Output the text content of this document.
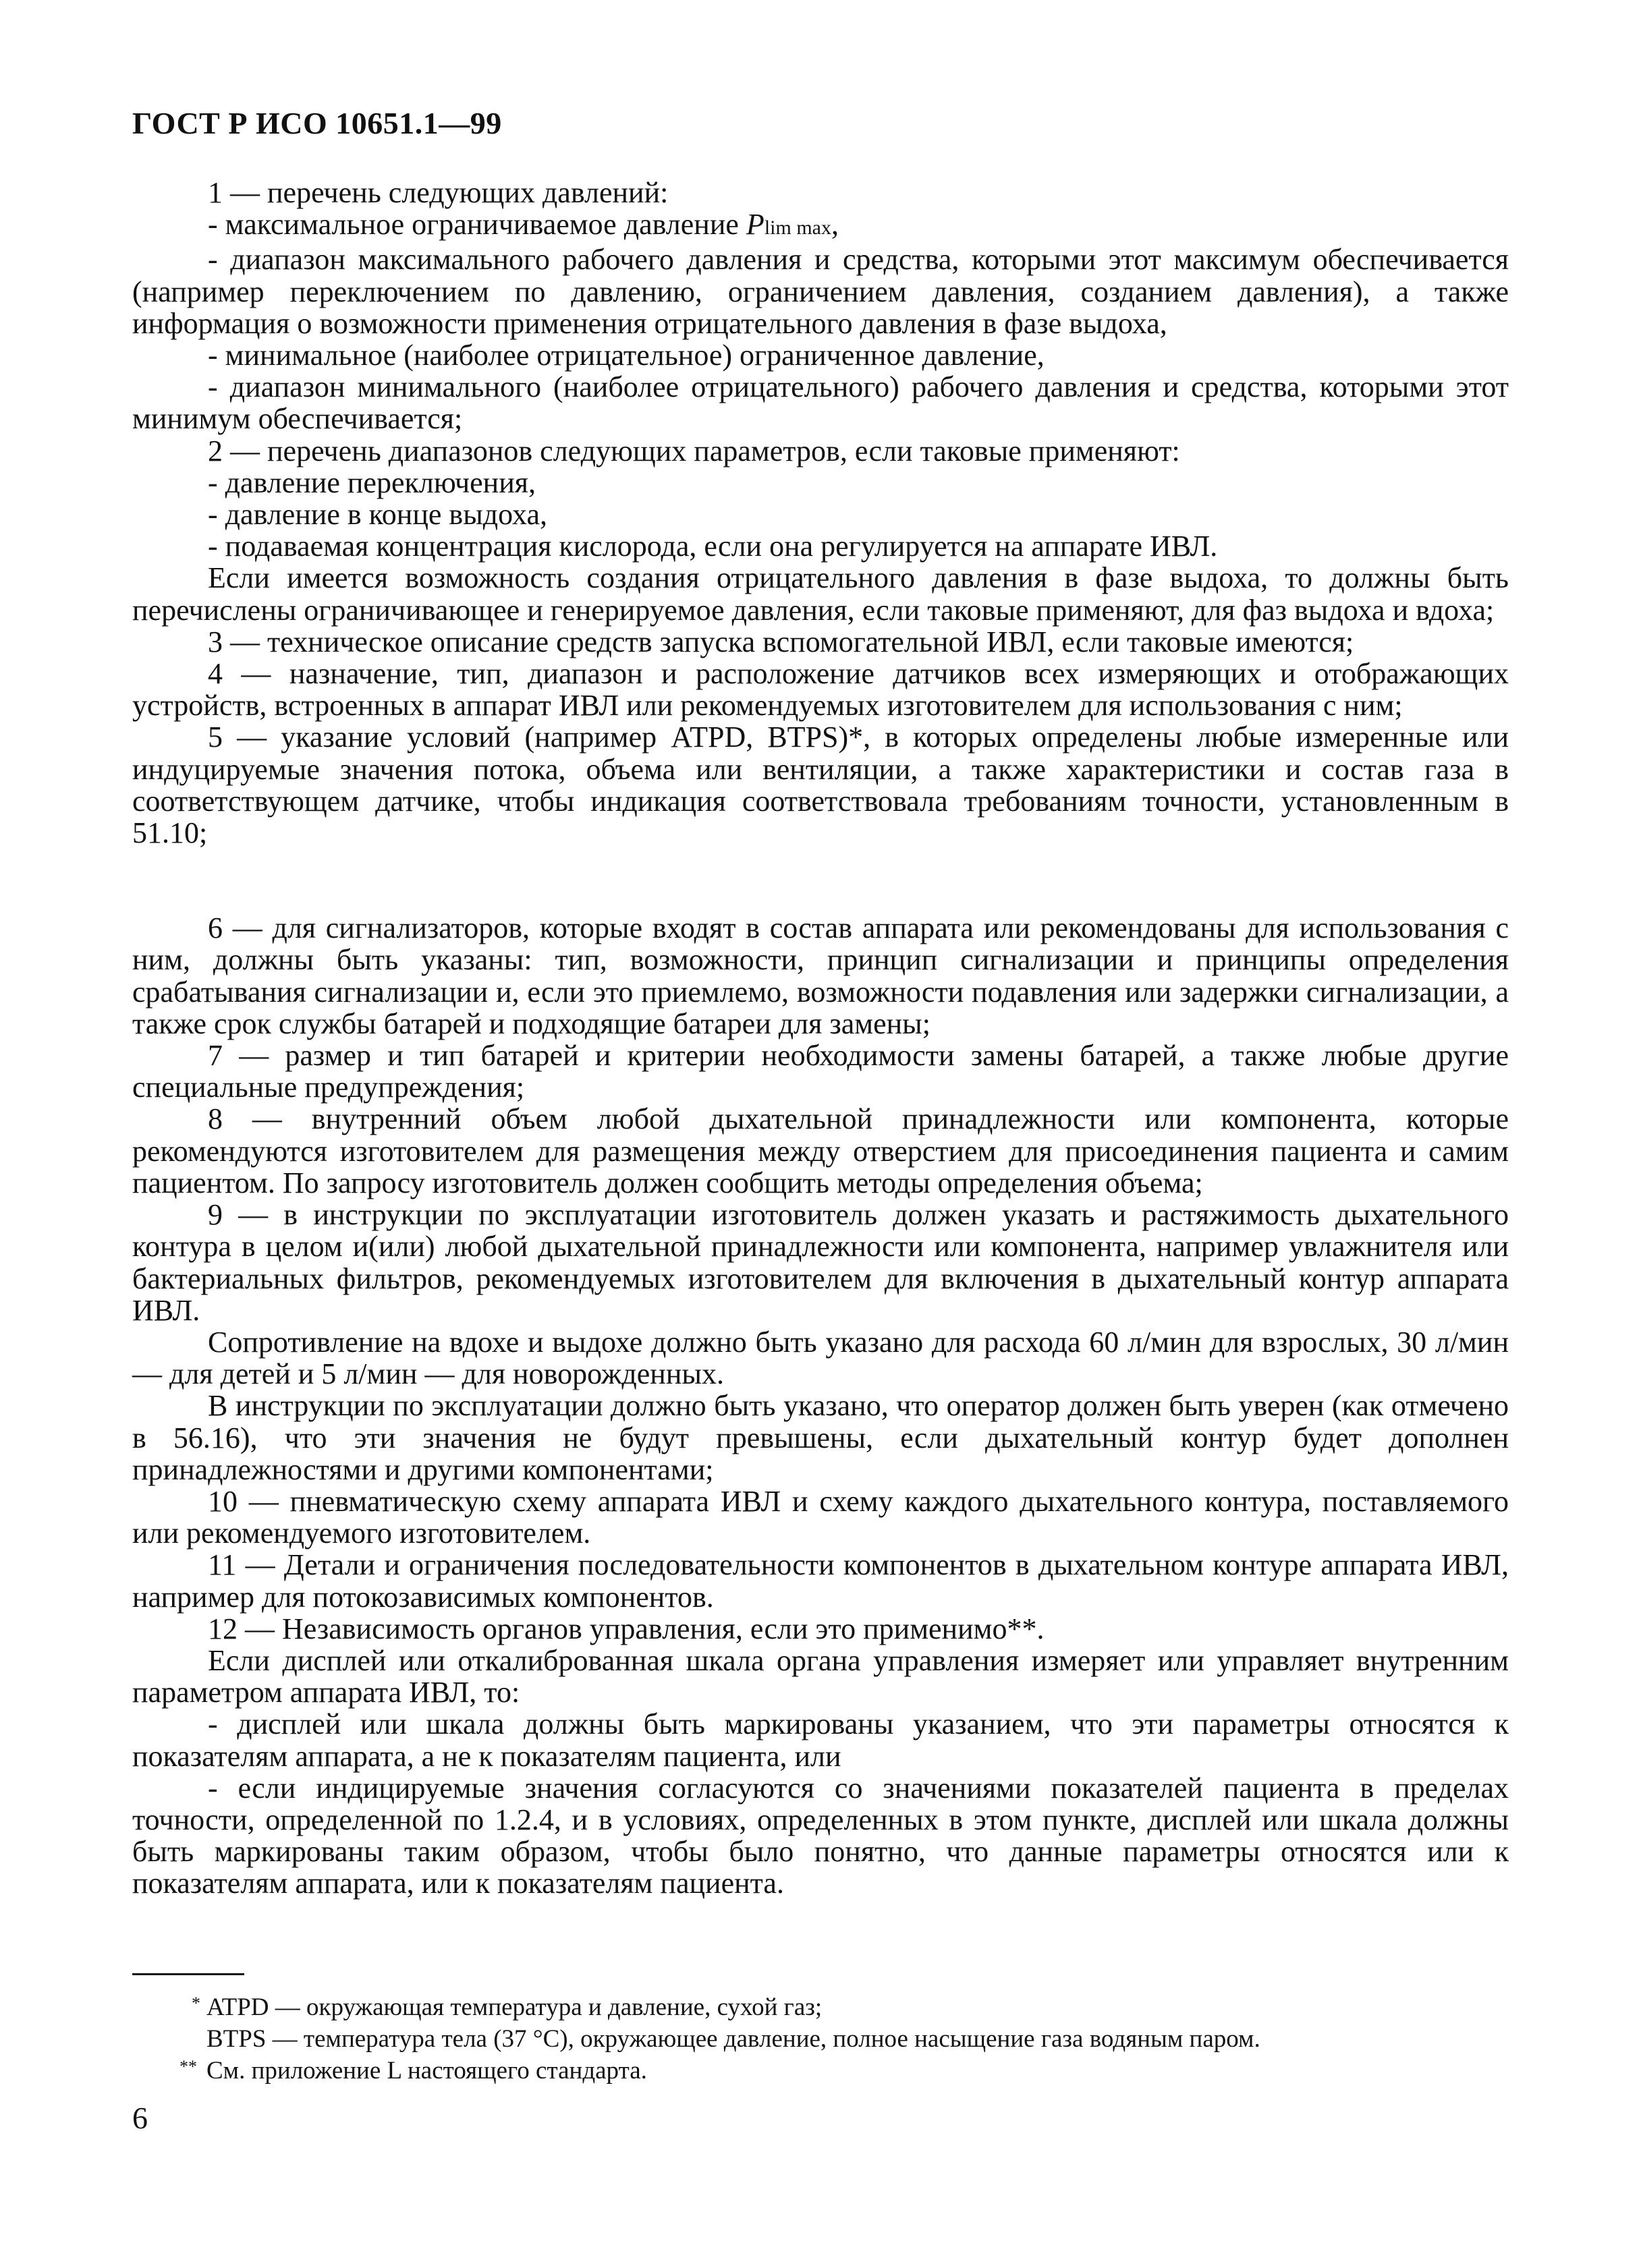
ГОСТ Р ИСО 10651.1—99

1 — перечень следующих давлений:

- максимальное ограничиваемое давление Plim max,

- диапазон максимального рабочего давления и средства, которыми этот максимум обеспечивается (например переключением по давлению, ограничением давления, созданием давления), а также информация о возможности применения отрицательного давления в фазе выдоха,

- минимальное (наиболее отрицательное) ограниченное давление,

- диапазон минимального (наиболее отрицательного) рабочего давления и средства, которыми этот минимум обеспечивается;

2 — перечень диапазонов следующих параметров, если таковые применяют:

- давление переключения,

- давление в конце выдоха,

- подаваемая концентрация кислорода, если она регулируется на аппарате ИВЛ.

Если имеется возможность создания отрицательного давления в фазе выдоха, то должны быть перечислены ограничивающее и генерируемое давления, если таковые применяют, для фаз выдоха и вдоха;

3 — техническое описание средств запуска вспомогательной ИВЛ, если таковые имеются;

4 — назначение, тип, диапазон и расположение датчиков всех измеряющих и отображающих устройств, встроенных в аппарат ИВЛ или рекомендуемых изготовителем для использования с ним;

5 — указание условий (например АТРD, BTPS)*, в которых определены любые измеренные или индуцируемые значения потока, объема или вентиляции, а также характеристики и состав газа в соответствующем датчике, чтобы индикация соответствовала требованиям точности, установленным в 51.10;

6 — для сигнализаторов, которые входят в состав аппарата или рекомендованы для использования с ним, должны быть указаны: тип, возможности, принцип сигнализации и принципы определения срабатывания сигнализации и, если это приемлемо, возможности подавления или задержки сигнализации, а также срок службы батарей и подходящие батареи для замены;

7 — размер и тип батарей и критерии необходимости замены батарей, а также любые другие специальные предупреждения;

8 — внутренний объем любой дыхательной принадлежности или компонента, которые рекомендуются изготовителем для размещения между отверстием для присоединения пациента и самим пациентом. По запросу изготовитель должен сообщить методы определения объема;

9 — в инструкции по эксплуатации изготовитель должен указать и растяжимость дыхательного контура в целом и(или) любой дыхательной принадлежности или компонента, например увлажнителя или бактериальных фильтров, рекомендуемых изготовителем для включения в дыхательный контур аппарата ИВЛ.

Сопротивление на вдохе и выдохе должно быть указано для расхода 60 л/мин для взрослых, 30 л/мин — для детей и 5 л/мин — для новорожденных.

В инструкции по эксплуатации должно быть указано, что оператор должен быть уверен (как отмечено в 56.16), что эти значения не будут превышены, если дыхательный контур будет дополнен принадлежностями и другими компонентами;

10 — пневматическую схему аппарата ИВЛ и схему каждого дыхательного контура, поставляемого или рекомендуемого изготовителем.

11 — Детали и ограничения последовательности компонентов в дыхательном контуре аппарата ИВЛ, например для потокозависимых компонентов.

12 — Независимость органов управления, если это применимо**.

Если дисплей или откалиброванная шкала органа управления измеряет или управляет внутренним параметром аппарата ИВЛ, то:

- дисплей или шкала должны быть маркированы указанием, что эти параметры относятся к показателям аппарата, а не к показателям пациента, или

- если индицируемые значения согласуются со значениями показателей пациента в пределах точности, определенной по 1.2.4, и в условиях, определенных в этом пункте, дисплей или шкала должны быть маркированы таким образом, чтобы было понятно, что данные параметры относятся или к показателям аппарата, или к показателям пациента.

* ATPD — окружающая температура и давление, сухой газ;

BTPS — температура тела (37 °С), окружающее давление, полное насыщение газа водяным паром.

** См. приложение L настоящего стандарта.

6
